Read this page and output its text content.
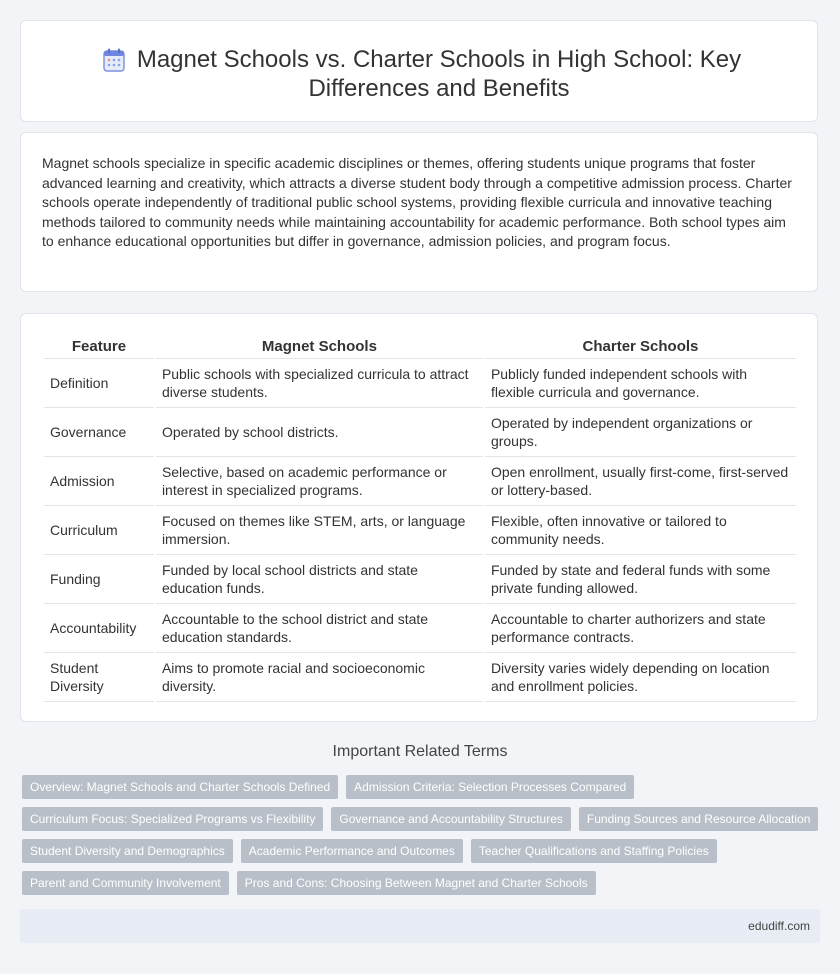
Magnet Schools vs. Charter Schools in High School: Key Differences and Benefits

Magnet schools specialize in specific academic disciplines or themes, offering students unique programs that foster advanced learning and creativity, which attracts a diverse student body through a competitive admission process. Charter schools operate independently of traditional public school systems, providing flexible curricula and innovative teaching methods tailored to community needs while maintaining accountability for academic performance. Both school types aim to enhance educational opportunities but differ in governance, admission policies, and program focus.

Feature	Magnet Schools	Charter Schools
Definition	Public schools with specialized curricula to attract diverse students.	Publicly funded independent schools with flexible curricula and governance.
Governance	Operated by school districts.	Operated by independent organizations or groups.
Admission	Selective, based on academic performance or interest in specialized programs.	Open enrollment, usually first-come, first-served or lottery-based.
Curriculum	Focused on themes like STEM, arts, or language immersion.	Flexible, often innovative or tailored to community needs.
Funding	Funded by local school districts and state education funds.	Funded by state and federal funds with some private funding allowed.
Accountability	Accountable to the school district and state education standards.	Accountable to charter authorizers and state performance contracts.
Student Diversity	Aims to promote racial and socioeconomic diversity.	Diversity varies widely depending on location and enrollment policies.
Important Related Terms
Overview: Magnet Schools and Charter Schools Defined	Admission Criteria: Selection Processes Compared
Curriculum Focus: Specialized Programs vs Flexibility	Governance and Accountability Structures	Funding Sources and Resource Allocation
Student Diversity and Demographics	Academic Performance and Outcomes	Teacher Qualifications and Staffing Policies
Parent and Community Involvement	Pros and Cons: Choosing Between Magnet and Charter Schools
edudiff.com
